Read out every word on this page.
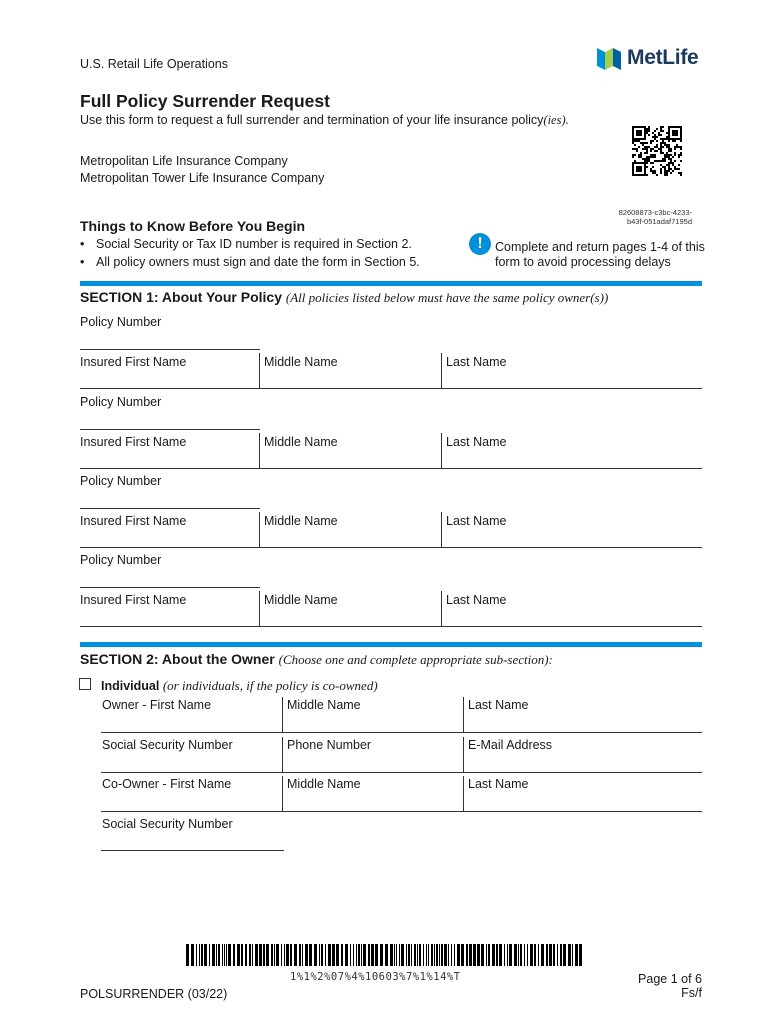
U.S. Retail Life Operations	MetLife
Full Policy Surrender Request
Use this form to request a full surrender and termination of your life insurance policy(ies).
Metropolitan Life Insurance Company
Metropolitan Tower Life Insurance Company
82608873-c3bc-4233-
b43f-051adaf7195d
Things to Know Before You Begin
• Social Security or Tax ID number is required in Section 2.
• All policy owners must sign and date the form in Section 5.
! Complete and return pages 1-4 of this form to avoid processing delays
SECTION 1: About Your Policy (All policies listed below must have the same policy owner(s))
Policy Number
Insured First Name	Middle Name	Last Name
Policy Number
Insured First Name	Middle Name	Last Name
Policy Number
Insured First Name	Middle Name	Last Name
Policy Number
Insured First Name	Middle Name	Last Name
SECTION 2: About the Owner (Choose one and complete appropriate sub-section):
Individual (or individuals, if the policy is co-owned)
Owner - First Name	Middle Name	Last Name
Social Security Number	Phone Number	E-Mail Address
Co-Owner - First Name	Middle Name	Last Name
Social Security Number
1%1%2%07%4%10603%7%1%14%T
POLSURRENDER (03/22)
Page 1 of 6
Fs/f
